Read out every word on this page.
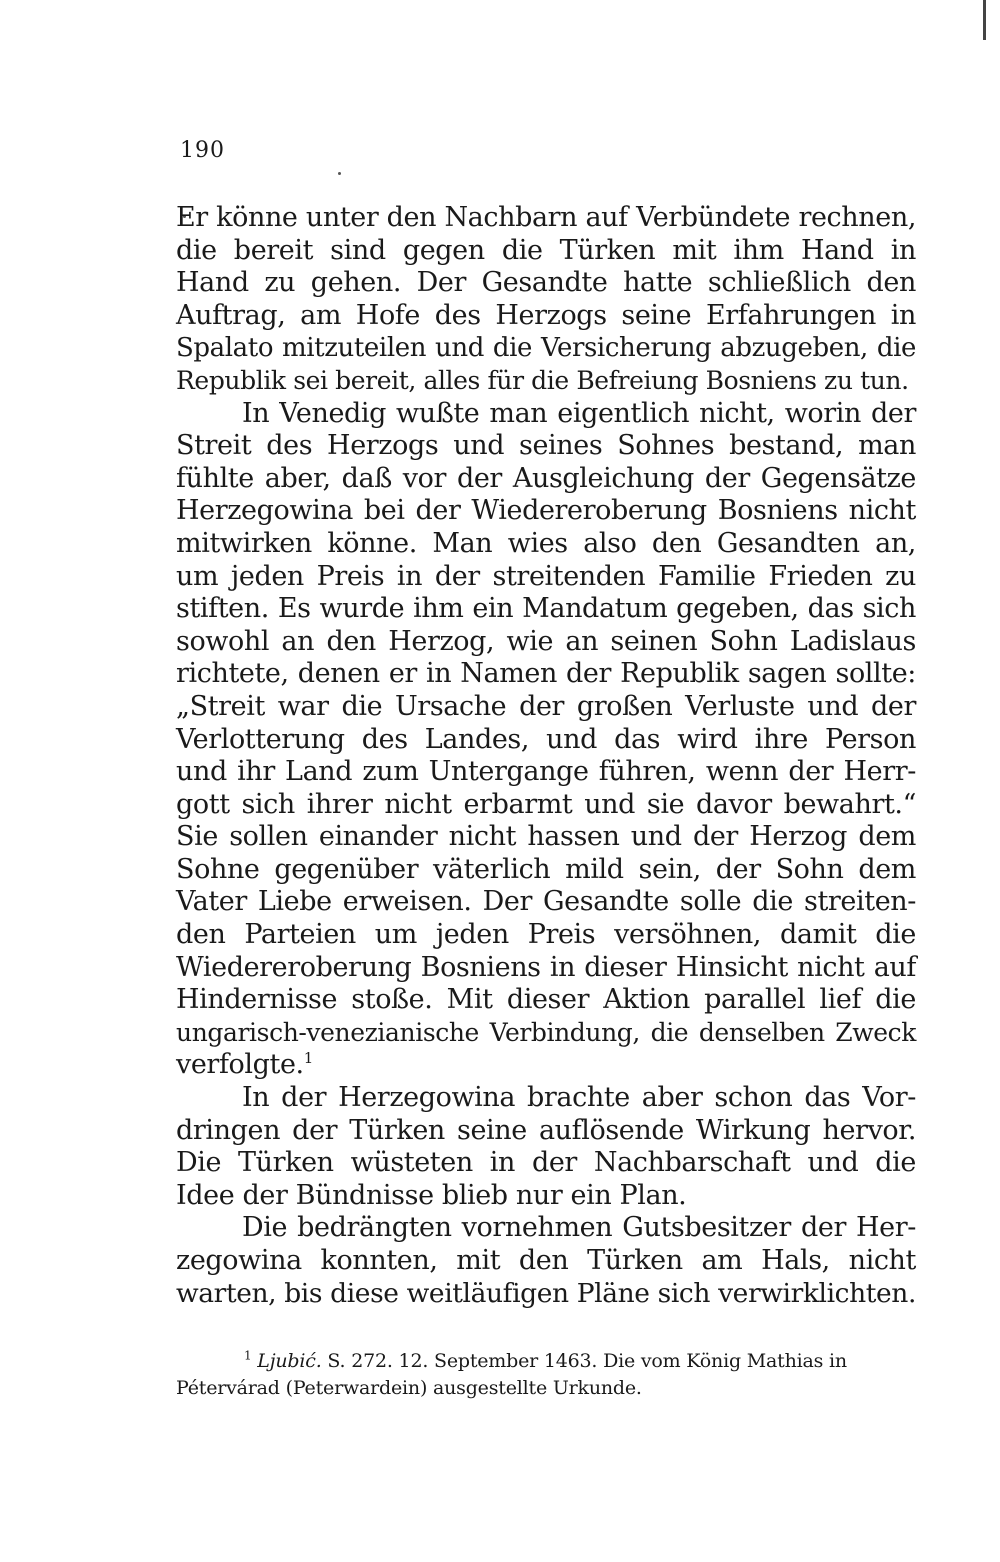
190
Er könne unter den Nachbarn auf Verbündete rechnen,
die bereit sind gegen die Türken mit ihm Hand in
Hand zu gehen. Der Gesandte hatte schließlich den
Auftrag, am Hofe des Herzogs seine Erfahrungen in
Spalato mitzuteilen und die Versicherung abzugeben, die
Republik sei bereit, alles für die Befreiung Bosniens zu tun.
In Venedig wußte man eigentlich nicht, worin der
Streit des Herzogs und seines Sohnes bestand, man
fühlte aber, daß vor der Ausgleichung der Gegensätze
Herzegowina bei der Wiedereroberung Bosniens nicht
mitwirken könne. Man wies also den Gesandten an,
um jeden Preis in der streitenden Familie Frieden zu
stiften. Es wurde ihm ein Mandatum gegeben, das sich
sowohl an den Herzog, wie an seinen Sohn Ladislaus
richtete, denen er in Namen der Republik sagen sollte:
„Streit war die Ursache der großen Verluste und der
Verlotterung des Landes, und das wird ihre Person
und ihr Land zum Untergange führen, wenn der Herr-
gott sich ihrer nicht erbarmt und sie davor bewahrt.“
Sie sollen einander nicht hassen und der Herzog dem
Sohne gegenüber väterlich mild sein, der Sohn dem
Vater Liebe erweisen. Der Gesandte solle die streiten-
den Parteien um jeden Preis versöhnen, damit die
Wiedereroberung Bosniens in dieser Hinsicht nicht auf
Hindernisse stoße. Mit dieser Aktion parallel lief die
ungarisch-venezianische Verbindung, die denselben Zweck
verfolgte.$^1$
In der Herzegowina brachte aber schon das Vor-
dringen der Türken seine auflösende Wirkung hervor.
Die Türken wüsteten in der Nachbarschaft und die
Idee der Bündnisse blieb nur ein Plan.
Die bedrängten vornehmen Gutsbesitzer der Her-
zegowina konnten, mit den Türken am Hals, nicht
warten, bis diese weitläufigen Pläne sich verwirklichten.
$^1$ Ljubić. S. 272. 12. September 1463. Die vom König Mathias in
Pétervárad (Peterwardein) ausgestellte Urkunde.
